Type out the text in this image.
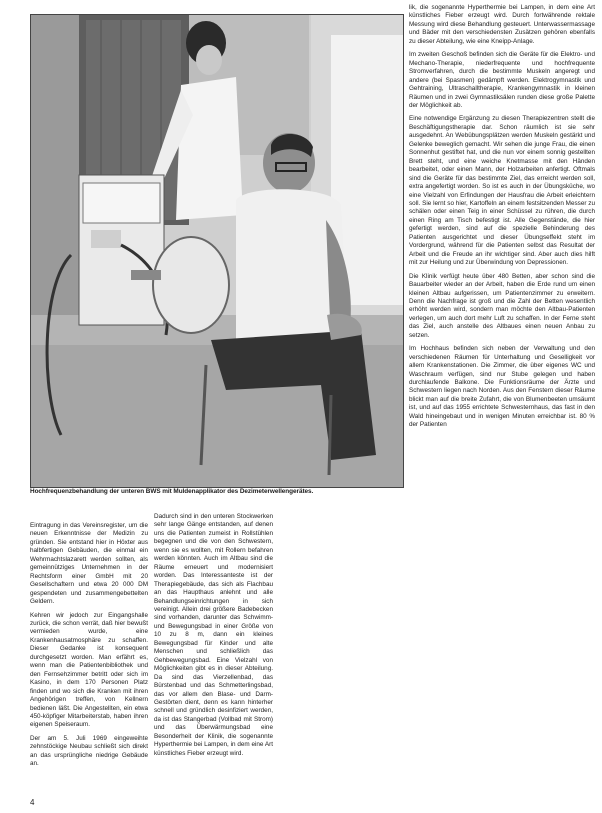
Hochfrequenzbehandlung der unteren BWS mit Muldenapplikator des Dezimeterwellengerätes.

Eintragung in das Vereinsregister, um die neuen Erkenntnisse der Medizin zu gründen. Sie entstand hier in Höxter aus halbfertigen Gebäuden, die einmal ein Wehrmachtslazarett werden sollten, als gemeinnütziges Unternehmen in der Rechtsform einer GmbH mit 20 Gesellschaftern und etwa 20 000 DM gespendeten und zusammengebettelten Geldern.

Kehren wir jedoch zur Eingangshalle zurück, die schon verrät, daß hier bewußt vermieden wurde, eine Krankenhausatmosphäre zu schaffen. Dieser Gedanke ist konsequent durchgesetzt worden. Man erfährt es, wenn man die Patientenbibliothek und den Fernsehzimmer betritt oder sich im Kasino, in dem 170 Personen Platz finden und wo sich die Kranken mit ihren Angehörigen treffen, von Kellnern bedienen läßt. Die Angestellten, ein etwa 450-köpfiger Mitarbeiterstab, haben ihren eigenen Speiseraum.

Der am 5. Juli 1969 eingeweihte zehnstöckige Neubau schließt sich direkt an das ursprüngliche niedrige Gebäude an.

Dadurch sind in den unteren Stockwerken sehr lange Gänge entstanden, auf denen uns die Patienten zumeist in Rollstühlen begegnen und die von den Schwestern, wenn sie es wollten, mit Rollern befahren werden könnten. Auch im Altbau sind die Räume erneuert und modernisiert worden. Das Interessanteste ist der Therapiegebäude, das sich als Flachbau an das Haupthaus anlehnt und alle Behandlungseinrichtungen in sich vereinigt. Allein drei größere Badebecken sind vorhanden, darunter das Schwimm- und Bewegungsbad in einer Größe von 10 zu 8 m, dann ein kleines Bewegungsbad für Kinder und alte Menschen und schließlich das Gehbewegungsbad. Eine Vielzahl von Möglichkeiten gibt es in dieser Abteilung. Da sind das Vierzellenbad, das Bürstenbad und das Schmetterlingsbad, das vor allem den Blase- und Darm-Gestörten dient, denn es kann hinterher schnell und gründlich desinfiziert werden, da ist das Stangerbad (Vollbad mit Strom) und das Überwärmungsbad eine Besonderheit der Klinik, die sogenannte Hyperthermie bei Lampen, in dem eine Art künstliches Fieber erzeugt wird.

lik, die sogenannte Hyperthermie bei Lampen, in dem eine Art künstliches Fieber erzeugt wird. Durch fortwährende rektale Messung wird diese Behandlung gesteuert. Unterwassermassage und Bäder mit den verschiedensten Zusätzen gehören ebenfalls zu dieser Abteilung, wie eine Kneipp-Anlage.

Im zweiten Geschoß befinden sich die Geräte für die Elektro- und Mechano-Therapie, niederfrequente und hochfrequente Stromverfahren, durch die bestimmte Muskeln angeregt und andere (bei Spasmen) gedämpft werden. Elektrogymnastik und Gehtraining, Ultraschalltherapie, Krankengymnastik in kleinen Räumen und in zwei Gymnastiksälen runden diese große Palette der Möglichkeit ab.

Eine notwendige Ergänzung zu diesen Therapiezentren stellt die Beschäftigungstherapie dar. Schon räumlich ist sie sehr ausgedehnt. An Webübungsplätzen werden Muskeln gestärkt und Gelenke beweglich gemacht. Wir sehen die junge Frau, die einen Sonnenhut gestiftet hat, und die nun vor einem sonnig gestellten Brett steht, und eine weiche Knetmasse mit den Händen bearbeitet, oder einen Mann, der Holzarbeiten anfertigt. Oftmals sind die Geräte für das bestimmte Ziel, das erreicht werden soll, extra angefertigt worden. So ist es auch in der Übungsküche, wo eine Vielzahl von Erfindungen der Hausfrau die Arbeit erleichtern soll. Sie lernt so hier, Kartoffeln an einem festsitzenden Messer zu schälen oder einen Teig in einer Schüssel zu rühren, die durch einen Ring am Tisch befestigt ist. Alle Gegenstände, die hier gefertigt werden, sind auf die spezielle Behinderung des Patienten ausgerichtet und dieser Übungseffekt steht im Vordergrund, während für die Patienten selbst das Resultat der Arbeit und die Freude an ihr wichtiger sind. Aber auch dies hilft mit zur Heilung und zur Überwindung von Depressionen.

Die Klinik verfügt heute über 480 Betten, aber schon sind die Bauarbeiter wieder an der Arbeit, haben die Erde rund um einen kleinen Altbau aufgerissen, um Patientenzimmer zu erweitern. Denn die Nachfrage ist groß und die Zahl der Betten wesentlich erhöht werden wird, sondern man möchte den Altbau-Patienten verlegen, um auch dort mehr Luft zu schaffen. In der Ferne steht das Ziel, auch anstelle des Altbaues einen neuen Anbau zu setzen.

Im Hochhaus befinden sich neben der Verwaltung und den verschiedenen Räumen für Unterhaltung und Geselligkeit vor allem Krankenstationen. Die Zimmer, die über eigenes WC und Waschraum verfügen, sind nur Stube gelegen und haben durchlaufende Balkone. Die Funktionsräume der Ärzte und Schwestern liegen nach Norden. Aus den Fenstern dieser Räume blickt man auf die breite Zufahrt, die von Blumenbeeten umsäumt ist, und auf das 1955 errichtete Schwesternhaus, das fast in den Wald hineingebaut und in wenigen Minuten erreichbar ist. 80 % der Patienten

4
